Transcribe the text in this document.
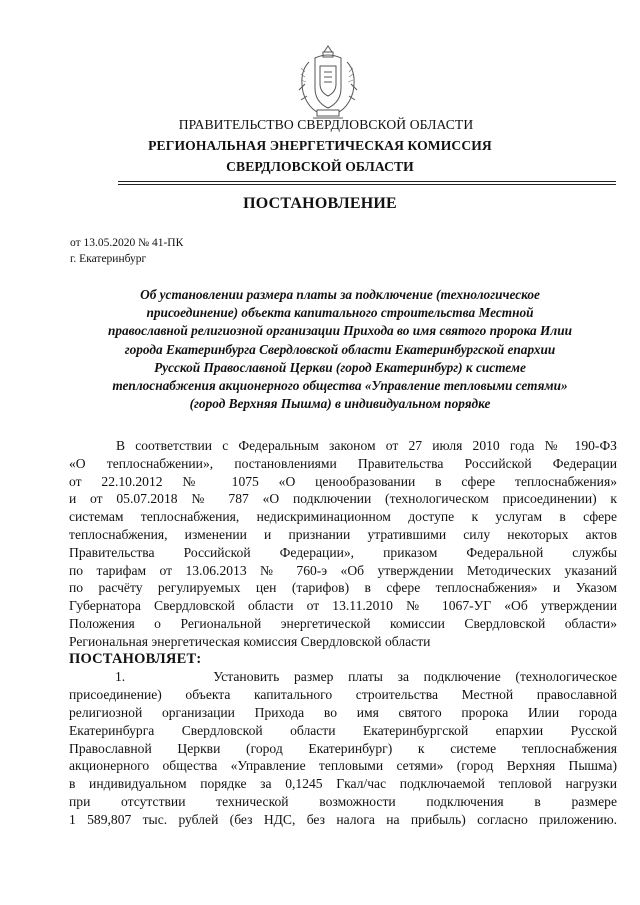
ПРАВИТЕЛЬСТВО СВЕРДЛОВСКОЙ ОБЛАСТИ
РЕГИОНАЛЬНАЯ ЭНЕРГЕТИЧЕСКАЯ КОМИССИЯ
СВЕРДЛОВСКОЙ ОБЛАСТИ
ПОСТАНОВЛЕНИЕ
от 13.05.2020 № 41-ПК
г. Екатеринбург
Об установлении размера платы за подключение (технологическое
присоединение) объекта капитального строительства Местной
православной религиозной организации Прихода во имя святого пророка Илии
города Екатеринбурга Свердловской области Екатеринбургской епархии
Русской Православной Церкви (город Екатеринбург) к системе
теплоснабжения акционерного общества «Управление тепловыми сетями»
(город Верхняя Пышма) в индивидуальном порядке
В соответствии с Федеральным законом от 27 июля 2010 года № 190-ФЗ
«О теплоснабжении», постановлениями Правительства Российской Федерации
от 22.10.2012 № 1075 «О ценообразовании в сфере теплоснабжения»
и от 05.07.2018 № 787 «О подключении (технологическом присоединении) к
системам теплоснабжения, недискриминационном доступе к услугам в сфере
теплоснабжения, изменении и признании утратившими силу некоторых актов
Правительства Российской Федерации», приказом Федеральной службы
по тарифам от 13.06.2013 № 760-э «Об утверждении Методических указаний
по расчёту регулируемых цен (тарифов) в сфере теплоснабжения» и Указом
Губернатора Свердловской области от 13.11.2010 № 1067-УГ «Об утверждении
Положения о Региональной энергетической комиссии Свердловской области»
Региональная энергетическая комиссия Свердловской области
ПОСТАНОВЛЯЕТ:
1.	Установить размер платы за подключение (технологическое
присоединение) объекта капитального строительства Местной православной
религиозной организации Прихода во имя святого пророка Илии города
Екатеринбурга Свердловской области Екатеринбургской епархии Русской
Православной Церкви (город Екатеринбург) к системе теплоснабжения
акционерного общества «Управление тепловыми сетями» (город Верхняя Пышма)
в индивидуальном порядке за 0,1245 Гкал/час подключаемой тепловой нагрузки
при отсутствии технической возможности подключения в размере
1 589,807 тыс. рублей (без НДС, без налога на прибыль) согласно приложению.
